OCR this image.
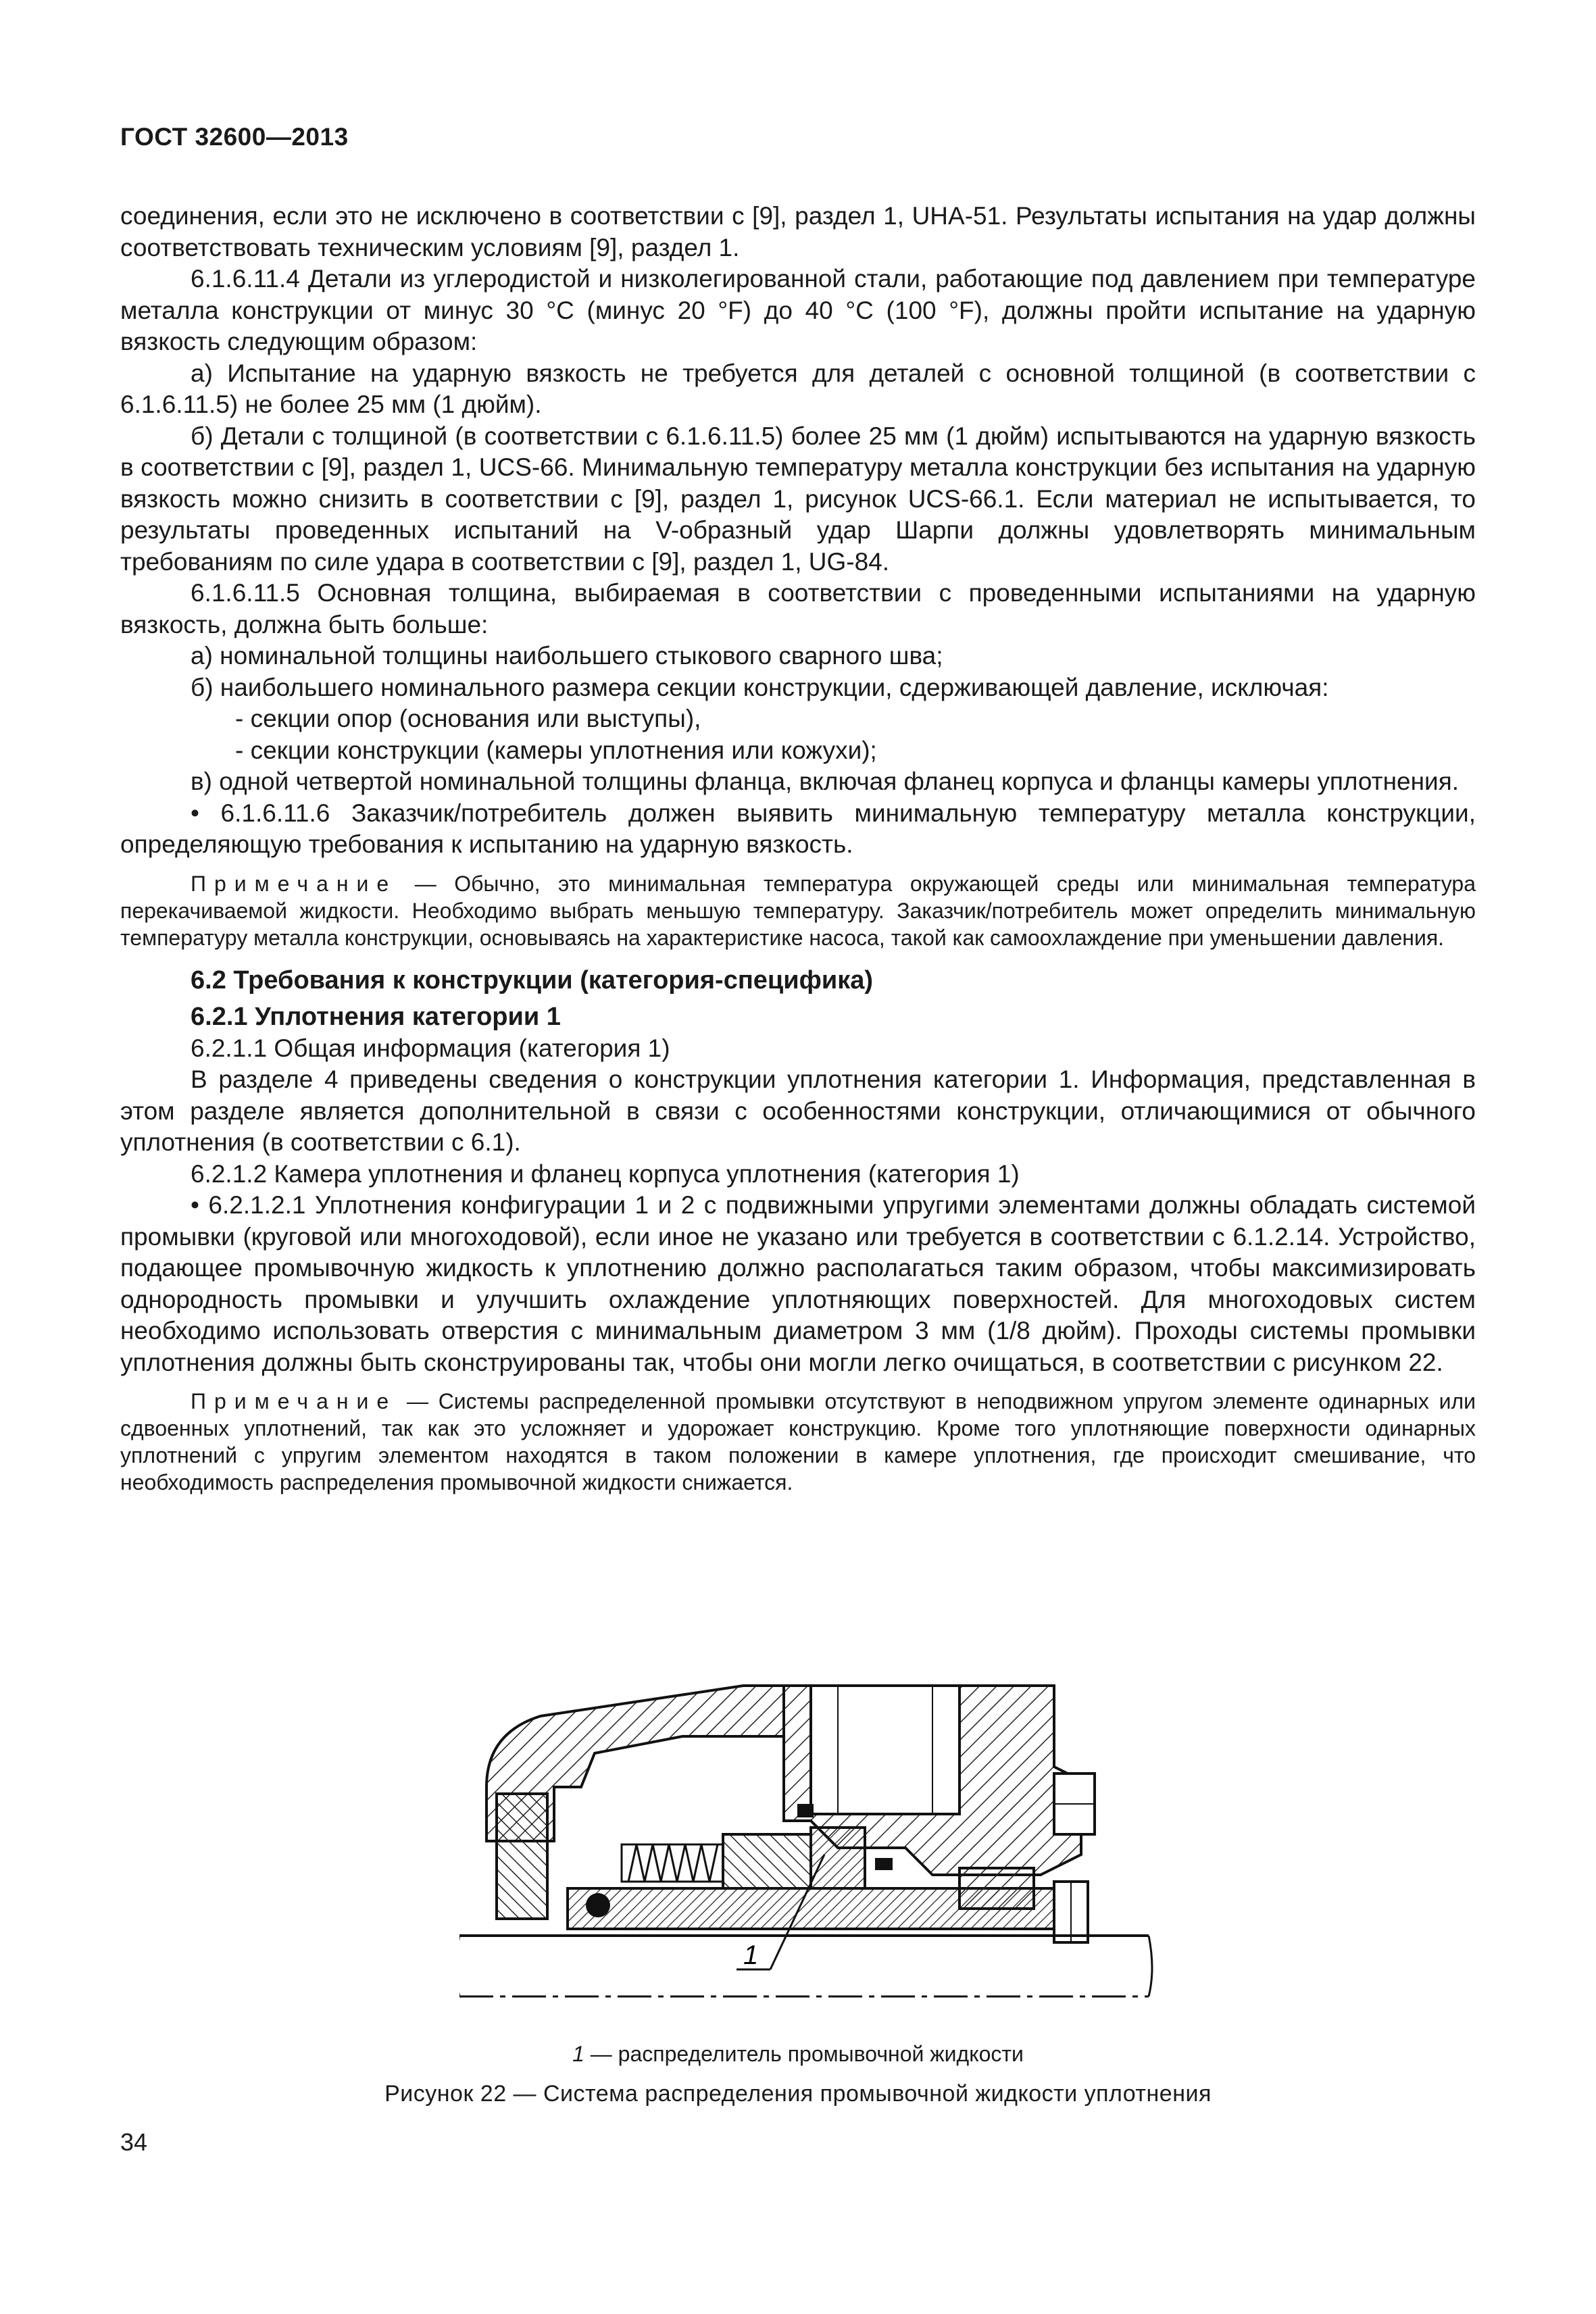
ГОСТ 32600—2013

соединения, если это не исключено в соответствии с [9], раздел 1, UHA-51. Результаты испытания на удар должны соответствовать техническим условиям [9], раздел 1.

6.1.6.11.4 Детали из углеродистой и низколегированной стали, работающие под давлением при температуре металла конструкции от минус 30 °С (минус 20 °F) до 40 °С (100 °F), должны пройти испытание на ударную вязкость следующим образом:

а) Испытание на ударную вязкость не требуется для деталей с основной толщиной (в соответствии с 6.1.6.11.5) не более 25 мм (1 дюйм).

б) Детали с толщиной (в соответствии с 6.1.6.11.5) более 25 мм (1 дюйм) испытываются на ударную вязкость в соответствии с [9], раздел 1, UCS-66. Минимальную температуру металла конструкции без испытания на ударную вязкость можно снизить в соответствии с [9], раздел 1, рисунок UCS-66.1. Если материал не испытывается, то результаты проведенных испытаний на V-образный удар Шарпи должны удовлетворять минимальным требованиям по силе удара в соответствии с [9], раздел 1, UG-84.

6.1.6.11.5 Основная толщина, выбираемая в соответствии с проведенными испытаниями на ударную вязкость, должна быть больше:

а) номинальной толщины наибольшего стыкового сварного шва;

б) наибольшего номинального размера секции конструкции, сдерживающей давление, исключая:

- секции опор (основания или выступы),

- секции конструкции (камеры уплотнения или кожухи);

в) одной четвертой номинальной толщины фланца, включая фланец корпуса и фланцы камеры уплотнения.

• 6.1.6.11.6 Заказчик/потребитель должен выявить минимальную температуру металла конструкции, определяющую требования к испытанию на ударную вязкость.

Примечание — Обычно, это минимальная температура окружающей среды или минимальная температура перекачиваемой жидкости. Необходимо выбрать меньшую температуру. Заказчик/потребитель может определить минимальную температуру металла конструкции, основываясь на характеристике насоса, такой как самоохлаждение при уменьшении давления.

6.2 Требования к конструкции (категория-специфика)

6.2.1 Уплотнения категории 1

6.2.1.1 Общая информация (категория 1)

В разделе 4 приведены сведения о конструкции уплотнения категории 1. Информация, представленная в этом разделе является дополнительной в связи с особенностями конструкции, отличающимися от обычного уплотнения (в соответствии с 6.1).

6.2.1.2 Камера уплотнения и фланец корпуса уплотнения (категория 1)

• 6.2.1.2.1 Уплотнения конфигурации 1 и 2 с подвижными упругими элементами должны обладать системой промывки (круговой или многоходовой), если иное не указано или требуется в соответствии с 6.1.2.14. Устройство, подающее промывочную жидкость к уплотнению должно располагаться таким образом, чтобы максимизировать однородность промывки и улучшить охлаждение уплотняющих поверхностей. Для многоходовых систем необходимо использовать отверстия с минимальным диаметром 3 мм (1/8 дюйм). Проходы системы промывки уплотнения должны быть сконструированы так, чтобы они могли легко очищаться, в соответствии с рисунком 22.

Примечание — Системы распределенной промывки отсутствуют в неподвижном упругом элементе одинарных или сдвоенных уплотнений, так как это усложняет и удорожает конструкцию. Кроме того уплотняющие поверхности одинарных уплотнений с упругим элементом находятся в таком положении в камере уплотнения, где происходит смешивание, что необходимость распределения промывочной жидкости снижается.

1
1 — распределитель промывочной жидкости
Рисунок 22 — Система распределения промывочной жидкости уплотнения
34
